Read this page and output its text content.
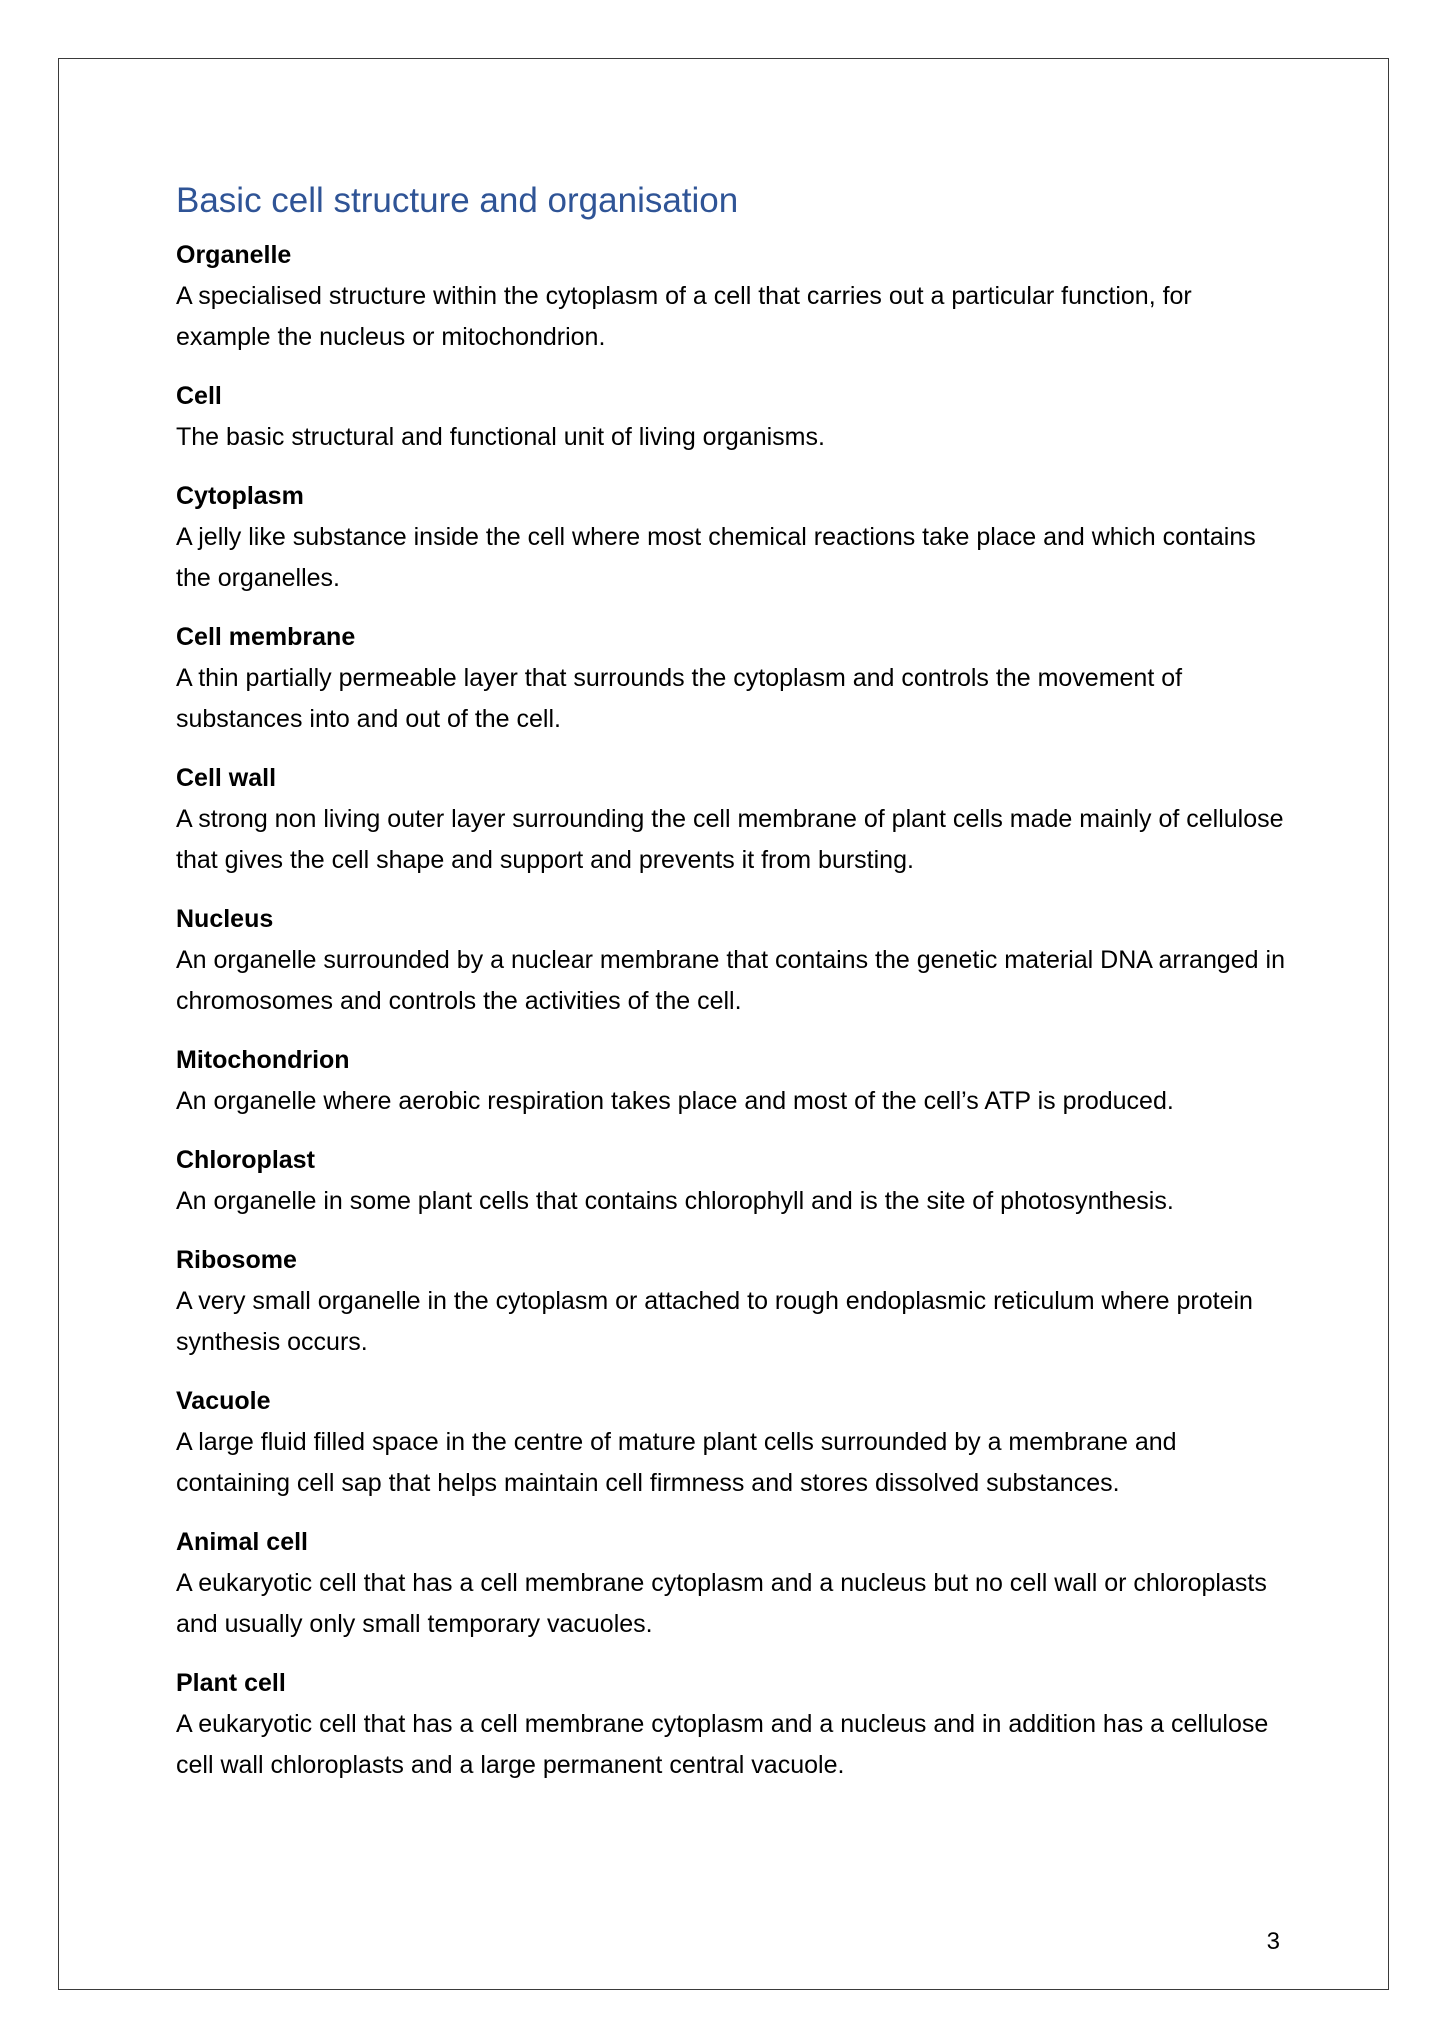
Basic cell structure and organisation

Organelle

A specialised structure within the cytoplasm of a cell that carries out a particular function, for example the nucleus or mitochondrion.

Cell

The basic structural and functional unit of living organisms.

Cytoplasm

A jelly like substance inside the cell where most chemical reactions take place and which contains the organelles.

Cell membrane

A thin partially permeable layer that surrounds the cytoplasm and controls the movement of substances into and out of the cell.

Cell wall

A strong non living outer layer surrounding the cell membrane of plant cells made mainly of cellulose that gives the cell shape and support and prevents it from bursting.

Nucleus

An organelle surrounded by a nuclear membrane that contains the genetic material DNA arranged in chromosomes and controls the activities of the cell.

Mitochondrion

An organelle where aerobic respiration takes place and most of the cell’s ATP is produced.

Chloroplast

An organelle in some plant cells that contains chlorophyll and is the site of photosynthesis.

Ribosome

A very small organelle in the cytoplasm or attached to rough endoplasmic reticulum where protein synthesis occurs.

Vacuole

A large fluid filled space in the centre of mature plant cells surrounded by a membrane and containing cell sap that helps maintain cell firmness and stores dissolved substances.

Animal cell

A eukaryotic cell that has a cell membrane cytoplasm and a nucleus but no cell wall or chloroplasts and usually only small temporary vacuoles.

Plant cell

A eukaryotic cell that has a cell membrane cytoplasm and a nucleus and in addition has a cellulose cell wall chloroplasts and a large permanent central vacuole.

3
